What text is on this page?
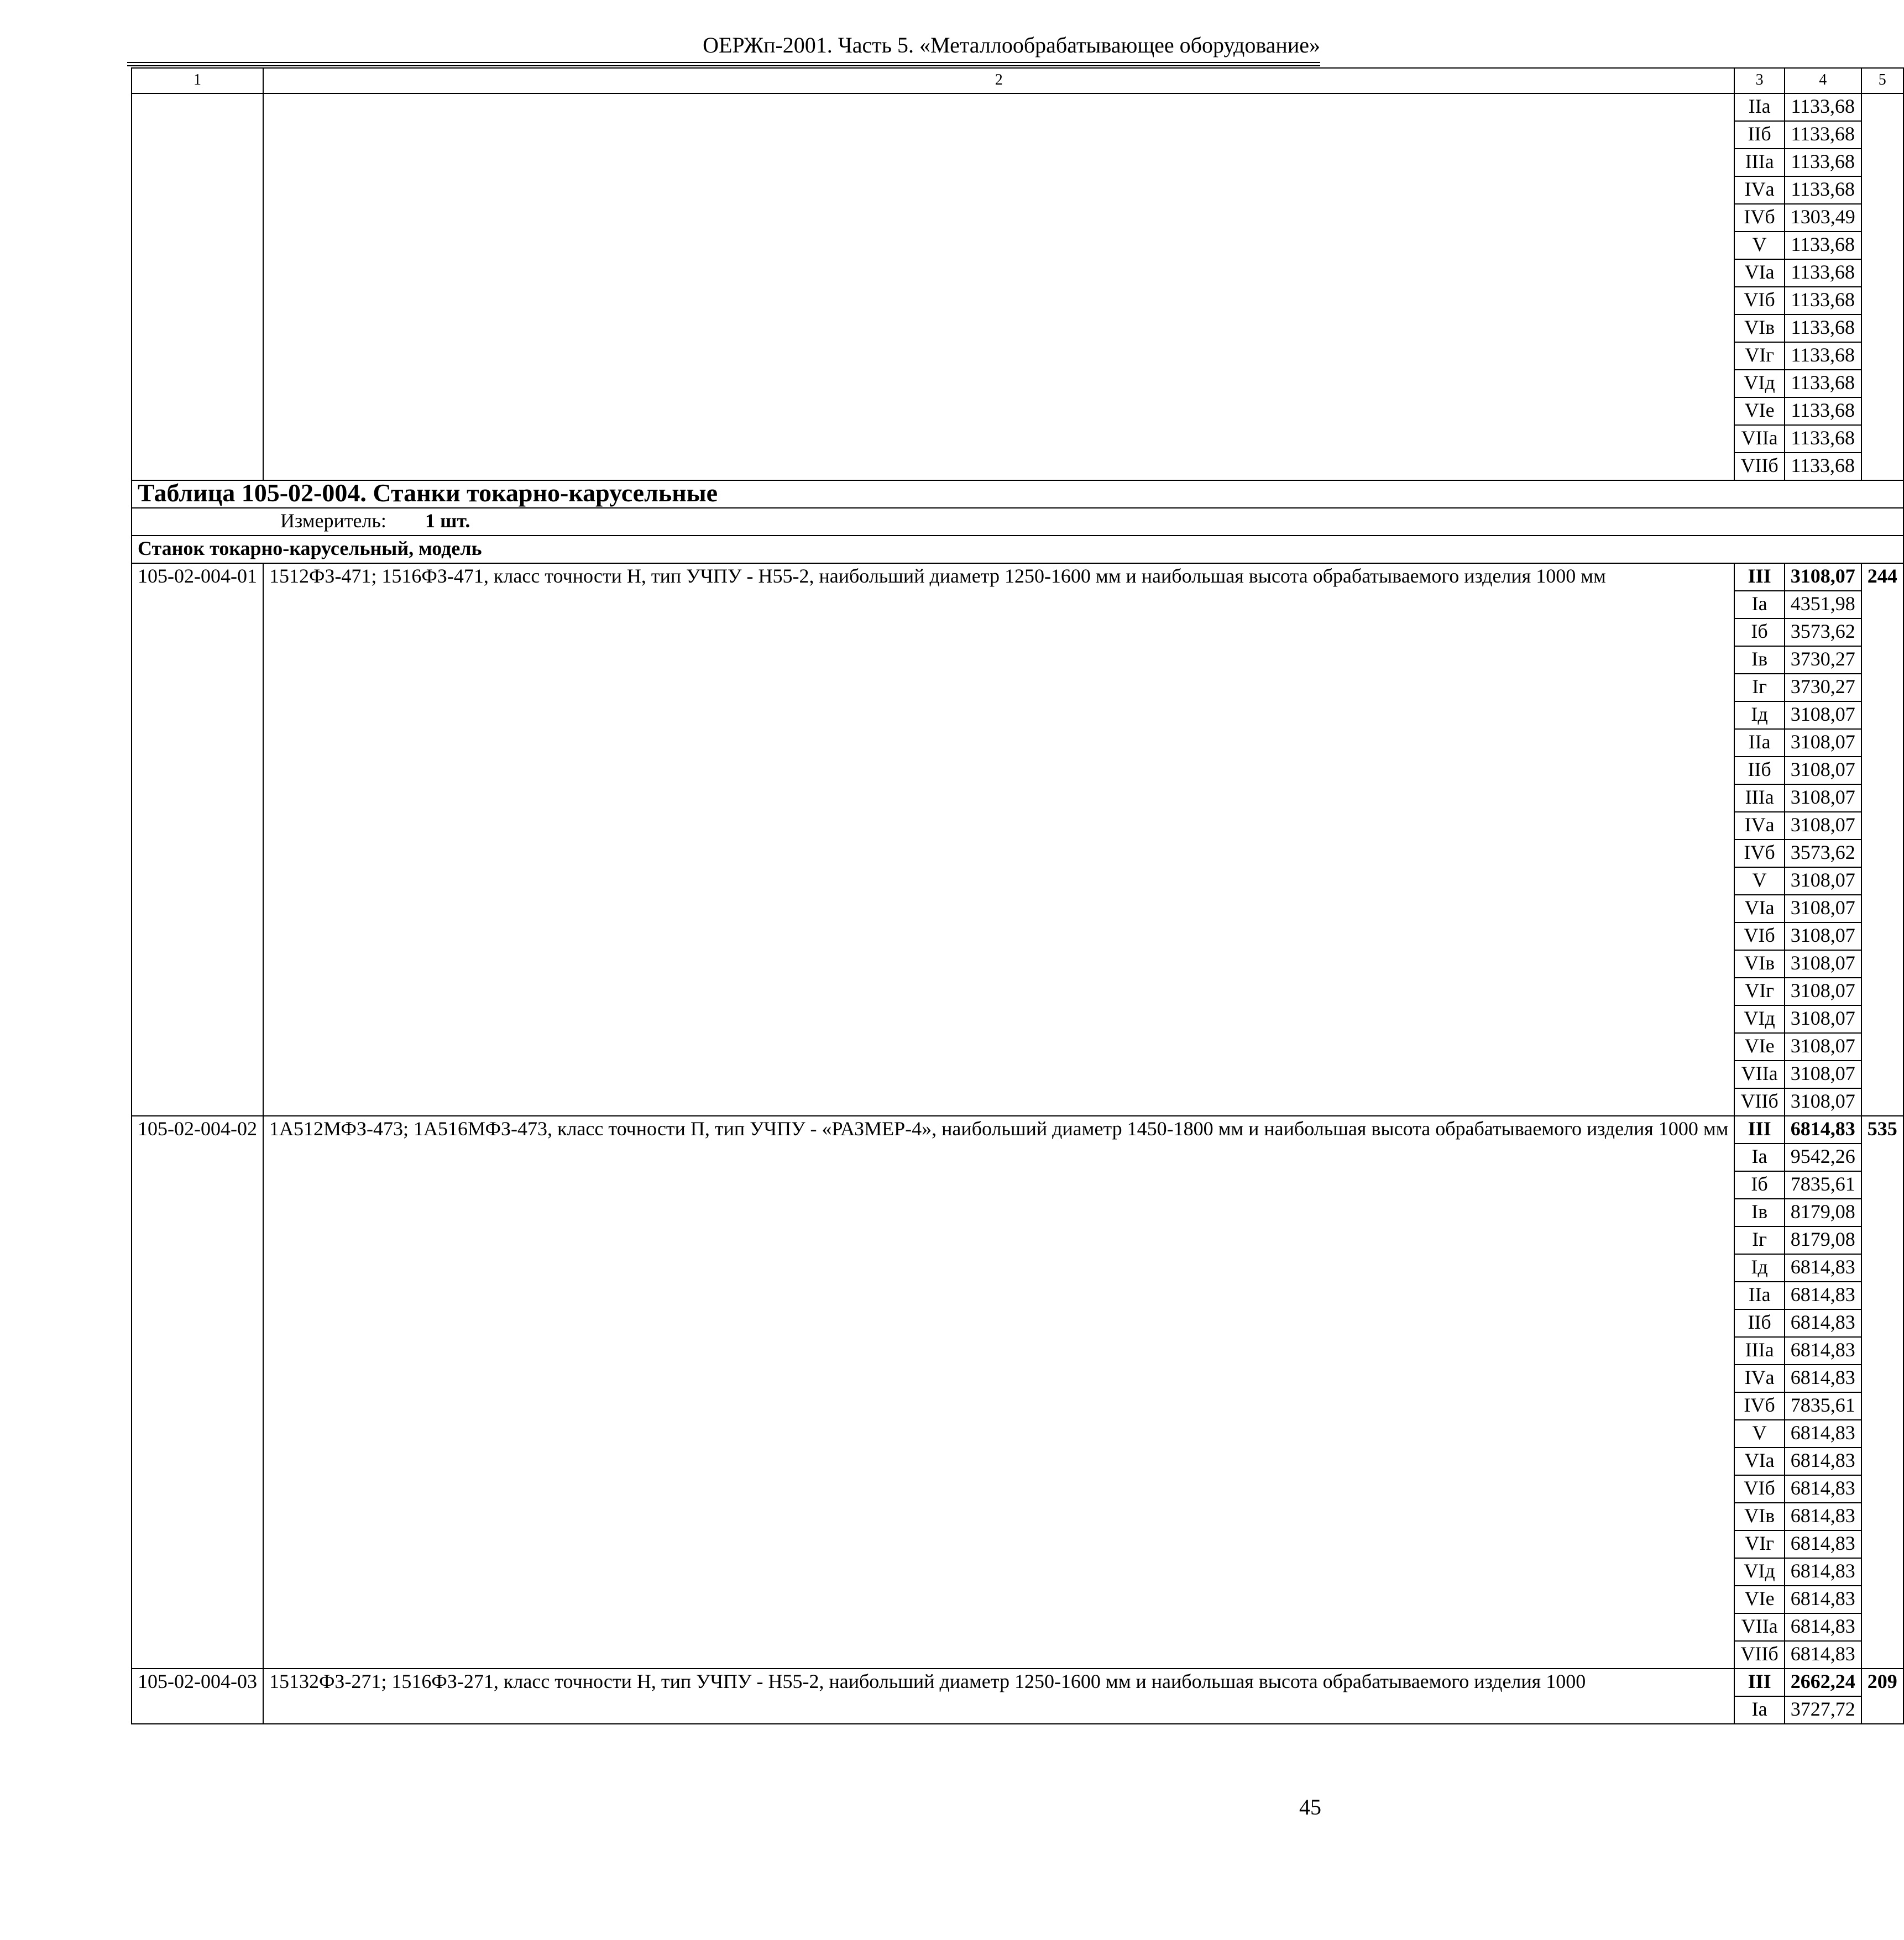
ОЕРЖп-2001. Часть 5. «Металлообрабатывающее оборудование»
1	2	3	4	5
		IIа	1133,68	
		IIб	1133,68	
		IIIа	1133,68	
		IVа	1133,68	
		IVб	1303,49	
		V	1133,68	
		VIа	1133,68	
		VIб	1133,68	
		VIв	1133,68	
		VIг	1133,68	
		VIд	1133,68	
		VIе	1133,68	
		VIIа	1133,68	
		VIIб	1133,68	
Таблица 105-02-004. Станки токарно-карусельные				
Измеритель: 1 шт.				
Станок токарно-карусельный, модель				
105-02-004-01	1512ФЗ-471; 1516ФЗ-471, класс точности Н, тип УЧПУ - Н55-2, наибольший диаметр 1250-1600 мм и наибольшая высота обрабатываемого изделия 1000 мм	III	3108,07	244
		Iа	4351,98	
		Iб	3573,62	
		Iв	3730,27	
		Iг	3730,27	
		Iд	3108,07	
		IIа	3108,07	
		IIб	3108,07	
		IIIа	3108,07	
		IVа	3108,07	
		IVб	3573,62	
		V	3108,07	
		VIа	3108,07	
		VIб	3108,07	
		VIв	3108,07	
		VIг	3108,07	
		VIд	3108,07	
		VIе	3108,07	
		VIIа	3108,07	
		VIIб	3108,07	
105-02-004-02	1А512МФЗ-473; 1А516МФЗ-473, класс точности П, тип УЧПУ - «РАЗМЕР-4», наибольший диаметр 1450-1800 мм и наибольшая высота обрабатываемого изделия 1000 мм	III	6814,83	535
		Iа	9542,26	
		Iб	7835,61	
		Iв	8179,08	
		Iг	8179,08	
		Iд	6814,83	
		IIа	6814,83	
		IIб	6814,83	
		IIIа	6814,83	
		IVа	6814,83	
		IVб	7835,61	
		V	6814,83	
		VIа	6814,83	
		VIб	6814,83	
		VIв	6814,83	
		VIг	6814,83	
		VIд	6814,83	
		VIе	6814,83	
		VIIа	6814,83	
		VIIб	6814,83	
105-02-004-03	15132ФЗ-271; 1516ФЗ-271, класс точности Н, тип УЧПУ - Н55-2, наибольший диаметр 1250-1600 мм и наибольшая высота обрабатываемого изделия 1000	III	2662,24	209
		Iа	3727,72	
45
